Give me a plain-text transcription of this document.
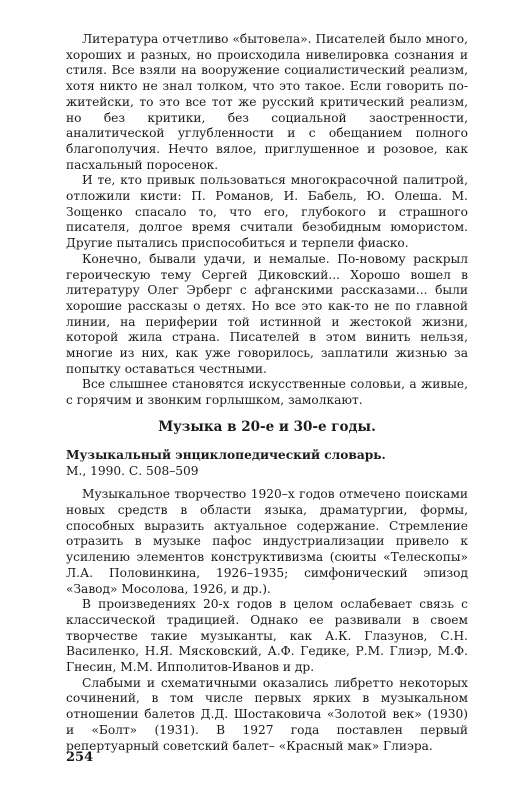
Литература отчетливо «бытовела». Писателей было много, хороших и разных, но происходила нивелировка сознания и стиля. Все взяли на вооружение социалистический реализм, хотя никто не знал толком, что это такое. Если говорить по-житейски, то это все тот же русский критический реализм, но без критики, без социальной заостренности, аналитической углубленности и с обещанием полного благополучия. Нечто вялое, приглушенное и розовое, как пасхальный поросенок.

И те, кто привык пользоваться многокрасочной палитрой, отложили кисти: П. Романов, И. Бабель, Ю. Олеша. М. Зощенко спасало то, что его, глубокого и страшного писателя, долгое время считали безобидным юмористом. Другие пытались приспособиться и терпели фиаско.

Конечно, бывали удачи, и немалые. По-новому раскрыл героическую тему Сергей Диковский... Хорошо вошел в литературу Олег Эрберг с афганскими рассказами... были хорошие рассказы о детях. Но все это как-то не по главной линии, на периферии той истинной и жестокой жизни, которой жила страна. Писателей в этом винить нельзя, многие из них, как уже говорилось, заплатили жизнью за попытку оставаться честными.

Все слышнее становятся искусственные соловьи, а живые, с горячим и звонким горлышком, замолкают.

Музыка в 20-е и 30-е годы.

Музыкальный энциклопедический словарь.
М., 1990. С. 508–509

Музыкальное творчество 1920–х годов отмечено поисками новых средств в области языка, драматургии, формы, способных выразить актуальное содержание. Стремление отразить в музыке пафос индустриализации привело к усилению элементов конструктивизма (сюиты «Телескопы» Л.А. Половинкина, 1926–1935; симфонический эпизод «Завод» Мосолова, 1926, и др.).

В произведениях 20-х годов в целом ослабевает связь с классической традицией. Однако ее развивали в своем творчестве такие музыканты, как А.К. Глазунов, С.Н. Василенко, Н.Я. Мясковский, А.Ф. Гедике, Р.М. Глиэр, М.Ф. Гнесин, М.М. Ипполитов-Иванов и др.

Слабыми и схематичными оказались либретто некоторых сочинений, в том числе первых ярких в музыкальном отношении балетов Д.Д. Шостаковича «Золотой век» (1930) и «Болт» (1931). В 1927 года поставлен первый репертуарный советский балет– «Красный мак» Глиэра.

254
